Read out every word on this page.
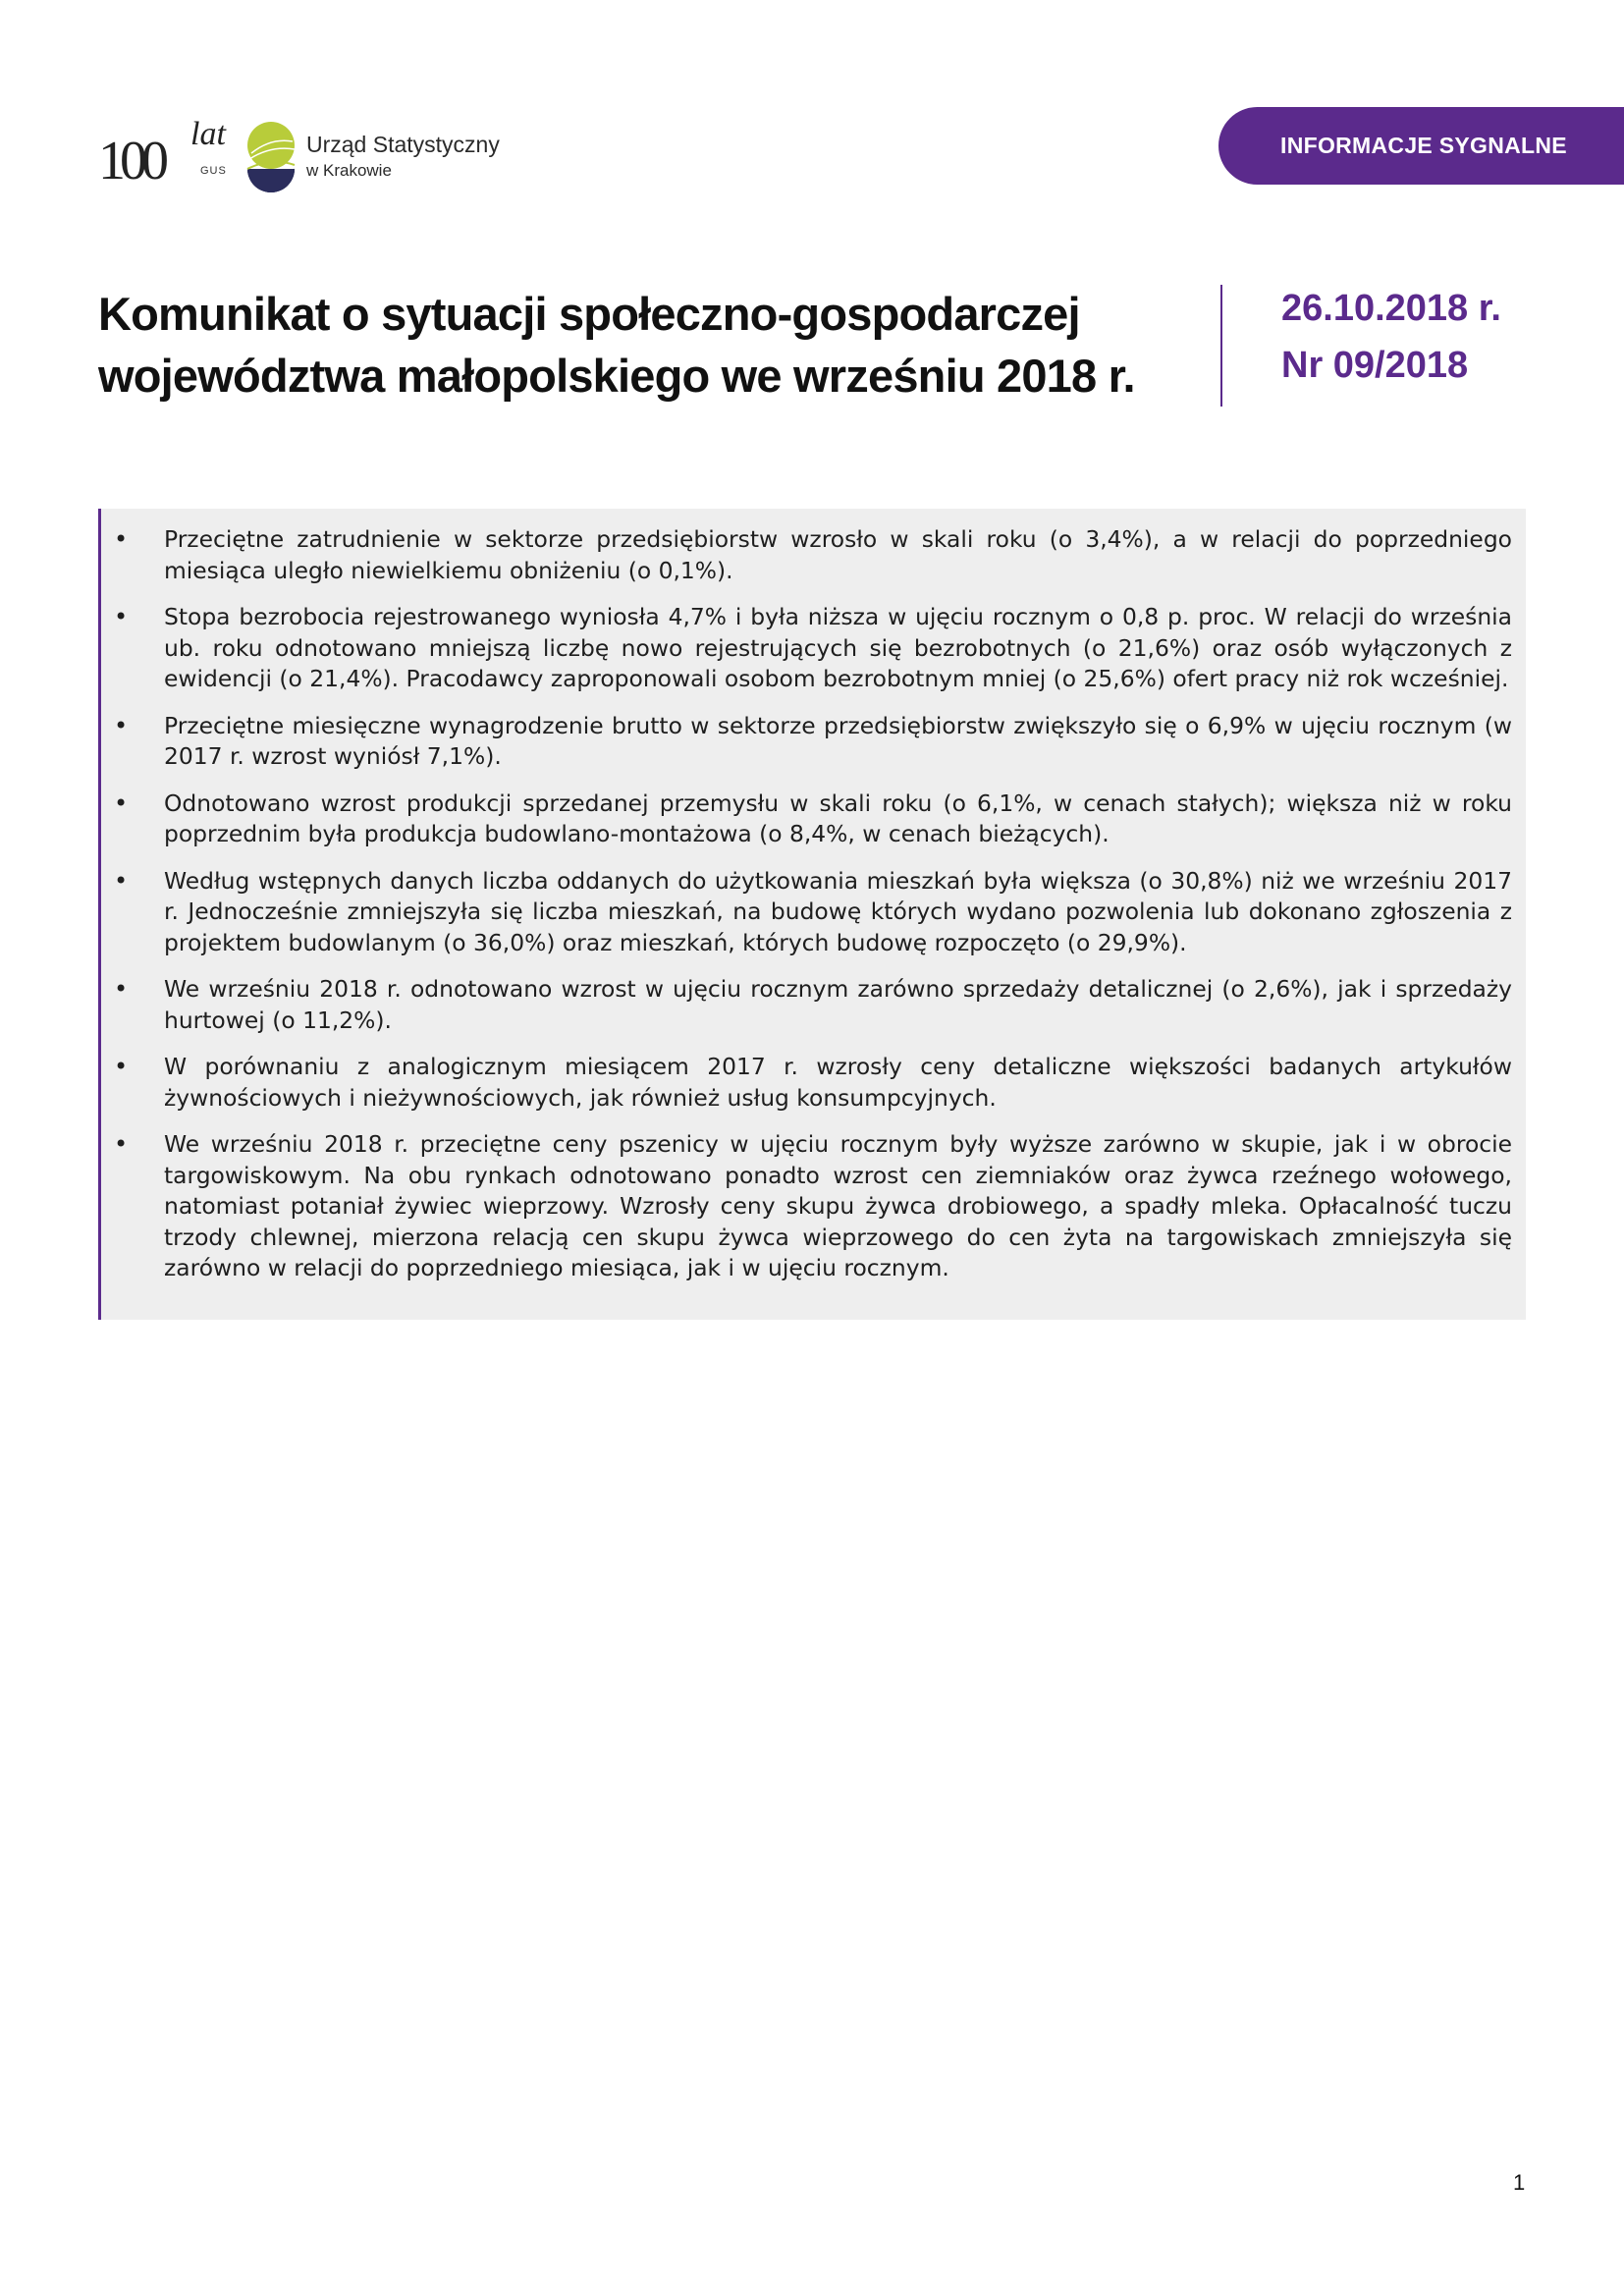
100 lat
GUS
Urząd Statystyczny
w Krakowie
INFORMACJE SYGNALNE
Komunikat o sytuacji społeczno-gospodarczej
województwa małopolskiego we wrześniu 2018 r.
26.10.2018 r.
Nr 09/2018
• Przeciętne zatrudnienie w sektorze przedsiębiorstw wzrosło w skali roku (o 3,4%), a w relacji do poprzedniego miesiąca uległo niewielkiemu obniżeniu (o 0,1%).
• Stopa bezrobocia rejestrowanego wyniosła 4,7% i była niższa w ujęciu rocznym o 0,8 p. proc. W relacji do września ub. roku odnotowano mniejszą liczbę nowo rejestrujących się bezrobotnych (o 21,6%) oraz osób wyłączonych z ewidencji (o 21,4%). Pracodawcy zaproponowali osobom bezrobotnym mniej (o 25,6%) ofert pracy niż rok wcześniej.
• Przeciętne miesięczne wynagrodzenie brutto w sektorze przedsiębiorstw zwiększyło się o 6,9% w ujęciu rocznym (w 2017 r. wzrost wyniósł 7,1%).
• Odnotowano wzrost produkcji sprzedanej przemysłu w skali roku (o 6,1%, w cenach stałych); większa niż w roku poprzednim była produkcja budowlano-montażowa (o 8,4%, w cenach bieżących).
• Według wstępnych danych liczba oddanych do użytkowania mieszkań była większa (o 30,8%) niż we wrześniu 2017 r. Jednocześnie zmniejszyła się liczba mieszkań, na budowę których wydano pozwolenia lub dokonano zgłoszenia z projektem budowlanym (o 36,0%) oraz mieszkań, których budowę rozpoczęto (o 29,9%).
• We wrześniu 2018 r. odnotowano wzrost w ujęciu rocznym zarówno sprzedaży detalicznej (o 2,6%), jak i sprzedaży hurtowej (o 11,2%).
• W porównaniu z analogicznym miesiącem 2017 r. wzrosły ceny detaliczne większości badanych artykułów żywnościowych i nieżywnościowych, jak również usług konsumpcyjnych.
• We wrześniu 2018 r. przeciętne ceny pszenicy w ujęciu rocznym były wyższe zarówno w skupie, jak i w obrocie targowiskowym. Na obu rynkach odnotowano ponadto wzrost cen ziemniaków oraz żywca rzeźnego wołowego, natomiast potaniał żywiec wieprzowy. Wzrosły ceny skupu żywca drobiowego, a spadły mleka. Opłacalność tuczu trzody chlewnej, mierzona relacją cen skupu żywca wieprzowego do cen żyta na targowiskach zmniejszyła się zarówno w relacji do poprzedniego miesiąca, jak i w ujęciu rocznym.
1
